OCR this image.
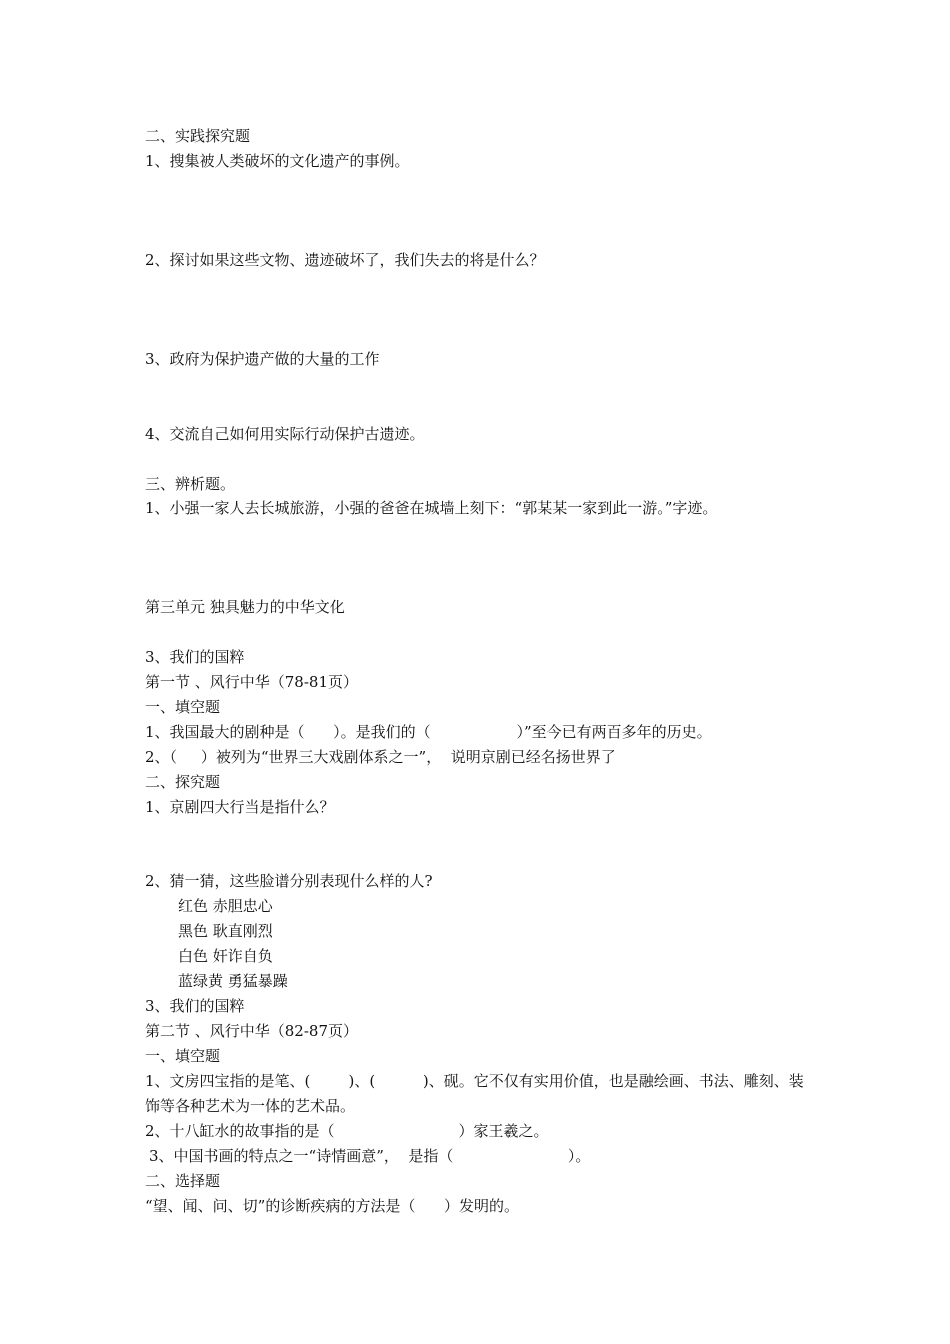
二、实践探究题
1、搜集被人类破坏的文化遗产的事例。
2、探讨如果这些文物、遗迹破坏了，我们失去的将是什么？
3、政府为保护遗产做的大量的工作
4、交流自己如何用实际行动保护古遗迹。
三、辨析题。
1、小强一家人去长城旅游，小强的爸爸在城墙上刻下：“郭某某一家到此一游。”字迹。
第三单元 独具魅力的中华文化
3、我们的国粹
第一节 、风行中华（78-81页）
一、填空题
1、我国最大的剧种是（      ）。是我们的（                  ）”至今已有两百多年的历史。
2、（     ）被列为“世界三大戏剧体系之一”，  说明京剧已经名扬世界了
二、探究题
1、京剧四大行当是指什么？
2、猜一猜，这些脸谱分别表现什么样的人?
红色 赤胆忠心
黑色 耿直刚烈
白色 奸诈自负
蓝绿黄 勇猛暴躁
3、我们的国粹
第二节 、风行中华（82-87页）
一、填空题
1、文房四宝指的是笔、(        )、(          )、砚。它不仅有实用价值，也是融绘画、书法、雕刻、装
饰等各种艺术为一体的艺术品。
2、十八缸水的故事指的是（                          ）家王羲之。
3、中国书画的特点之一“诗情画意”，  是指（                        ）。
二、选择题
“望、闻、问、切”的诊断疾病的方法是（      ）发明的。
